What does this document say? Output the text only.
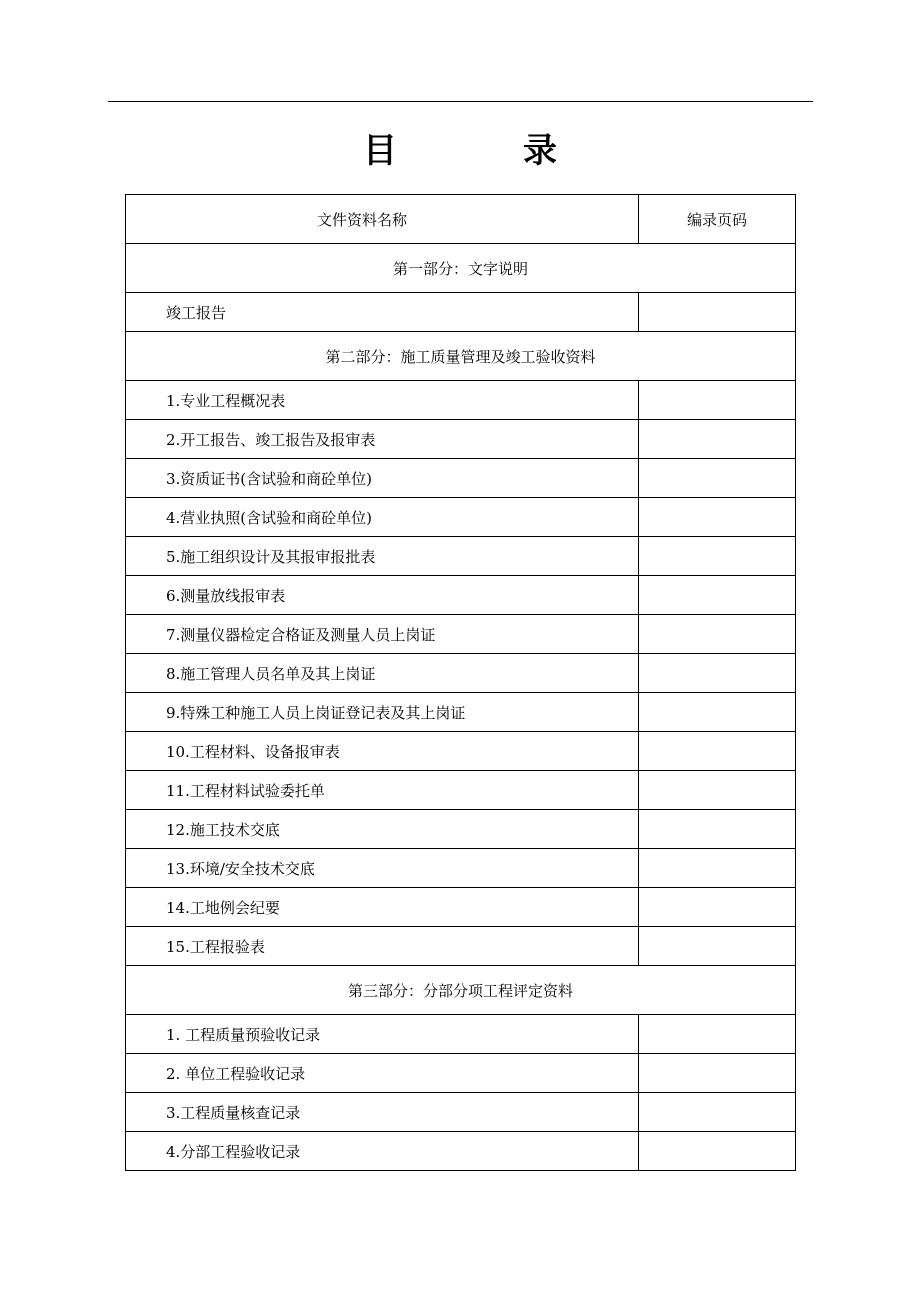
目　录
文件资料名称	编录页码
第一部分：文字说明	
竣工报告	
第二部分：施工质量管理及竣工验收资料	
1.专业工程概况表	
2.开工报告、竣工报告及报审表	
3.资质证书(含试验和商砼单位)	
4.营业执照(含试验和商砼单位)	
5.施工组织设计及其报审报批表	
6.测量放线报审表	
7.测量仪器检定合格证及测量人员上岗证	
8.施工管理人员名单及其上岗证	
9.特殊工种施工人员上岗证登记表及其上岗证	
10.工程材料、设备报审表	
11.工程材料试验委托单	
12.施工技术交底	
13.环境/安全技术交底	
14.工地例会纪要	
15.工程报验表	
第三部分：分部分项工程评定资料	
1. 工程质量预验收记录	
2. 单位工程验收记录	
3.工程质量核查记录	
4.分部工程验收记录	
